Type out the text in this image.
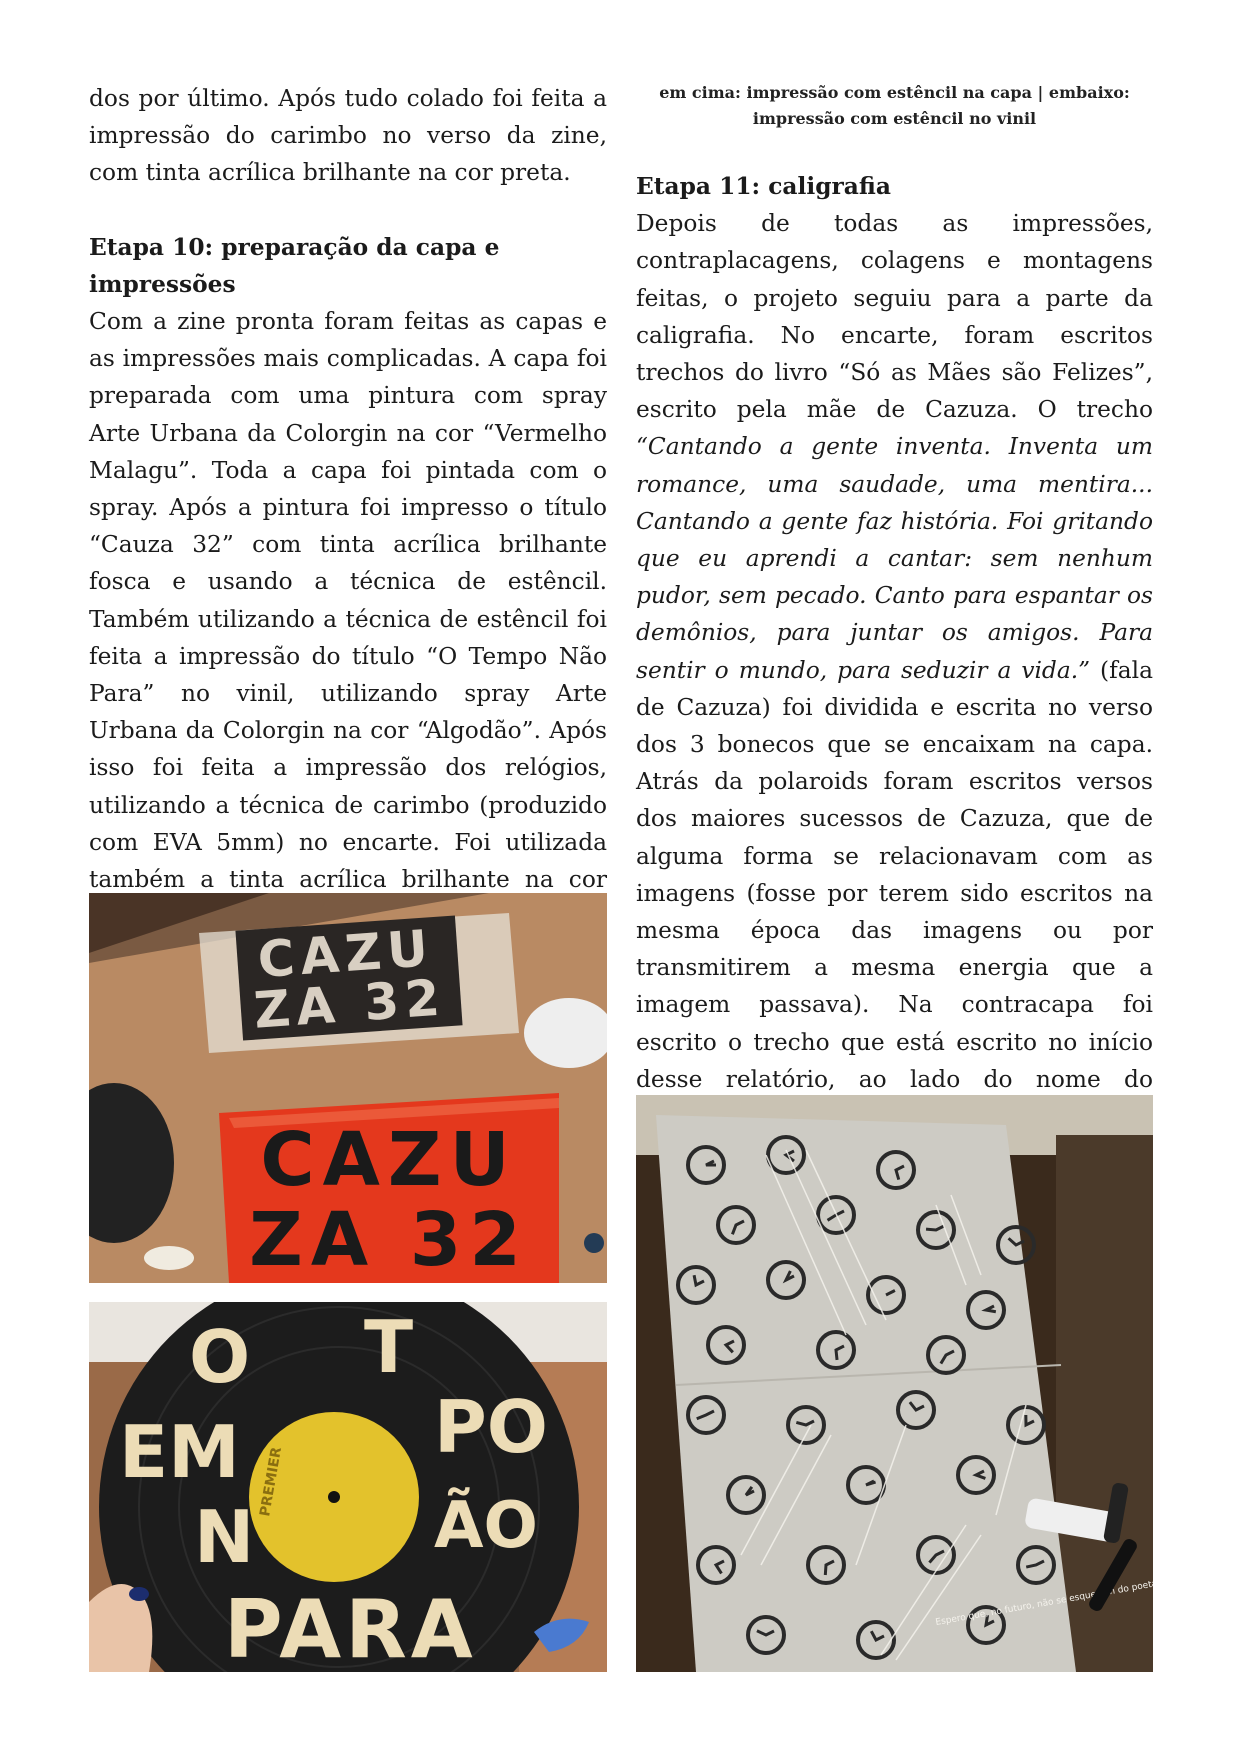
dos por último. Após tudo colado foi feita a impressão do carimbo no verso da zine, com tinta acrílica brilhante na cor preta.

Etapa 10: preparação da capa e impressões

Com a zine pronta foram feitas as capas e as impressões mais complicadas. A capa foi preparada com uma pintura com spray Arte Urbana da Colorgin na cor “Vermelho Malagu”. Toda a capa foi pintada com o spray. Após a pintura foi impresso o título “Cauza 32” com tinta acrílica brilhante fosca e usando a técnica de estêncil. Também utilizando a técnica de estêncil foi feita a impressão do título “O Tempo Não Para” no vinil, utilizando spray Arte Urbana da Colorgin na cor “Algodão”. Após isso foi feita a impressão dos relógios, utilizando a técnica de carimbo (produzido com EVA 5mm) no encarte. Foi utilizada também a tinta acrílica brilhante na cor

em cima: impressão com estêncil na capa | embaixo: impressão com estêncil no vinil
Etapa 11: caligrafia

Depois de todas as impressões, contraplacagens, colagens e montagens feitas, o projeto seguiu para a parte da caligrafia. No encarte, foram escritos trechos do livro “Só as Mães são Felizes”, escrito pela mãe de Cazuza. O trecho “Cantando a gente inventa. Inventa um romance, uma saudade, uma mentira... Cantando a gente faz história. Foi gritando que eu aprendi a cantar: sem nenhum pudor, sem pecado. Canto para espantar os demônios, para juntar os amigos. Para sentir o mundo, para seduzir a vida.” (fala de Cazuza) foi dividida e escrita no verso dos 3 bonecos que se encaixam na capa. Atrás da polaroids foram escritos versos dos maiores sucessos de Cazuza, que de alguma forma se relacionavam com as imagens (fosse por terem sido escritos na mesma época das imagens ou por transmitirem a mesma energia que a imagem passava). Na contracapa foi escrito o trecho que está escrito no início desse relatório, ao lado do nome do

CAZU
ZA 32
CAZU
ZA 32
PREMIER
O T
EM	PO
N	ÃO
PARA	Espero que, no futuro, não se esqueçam do poeta
